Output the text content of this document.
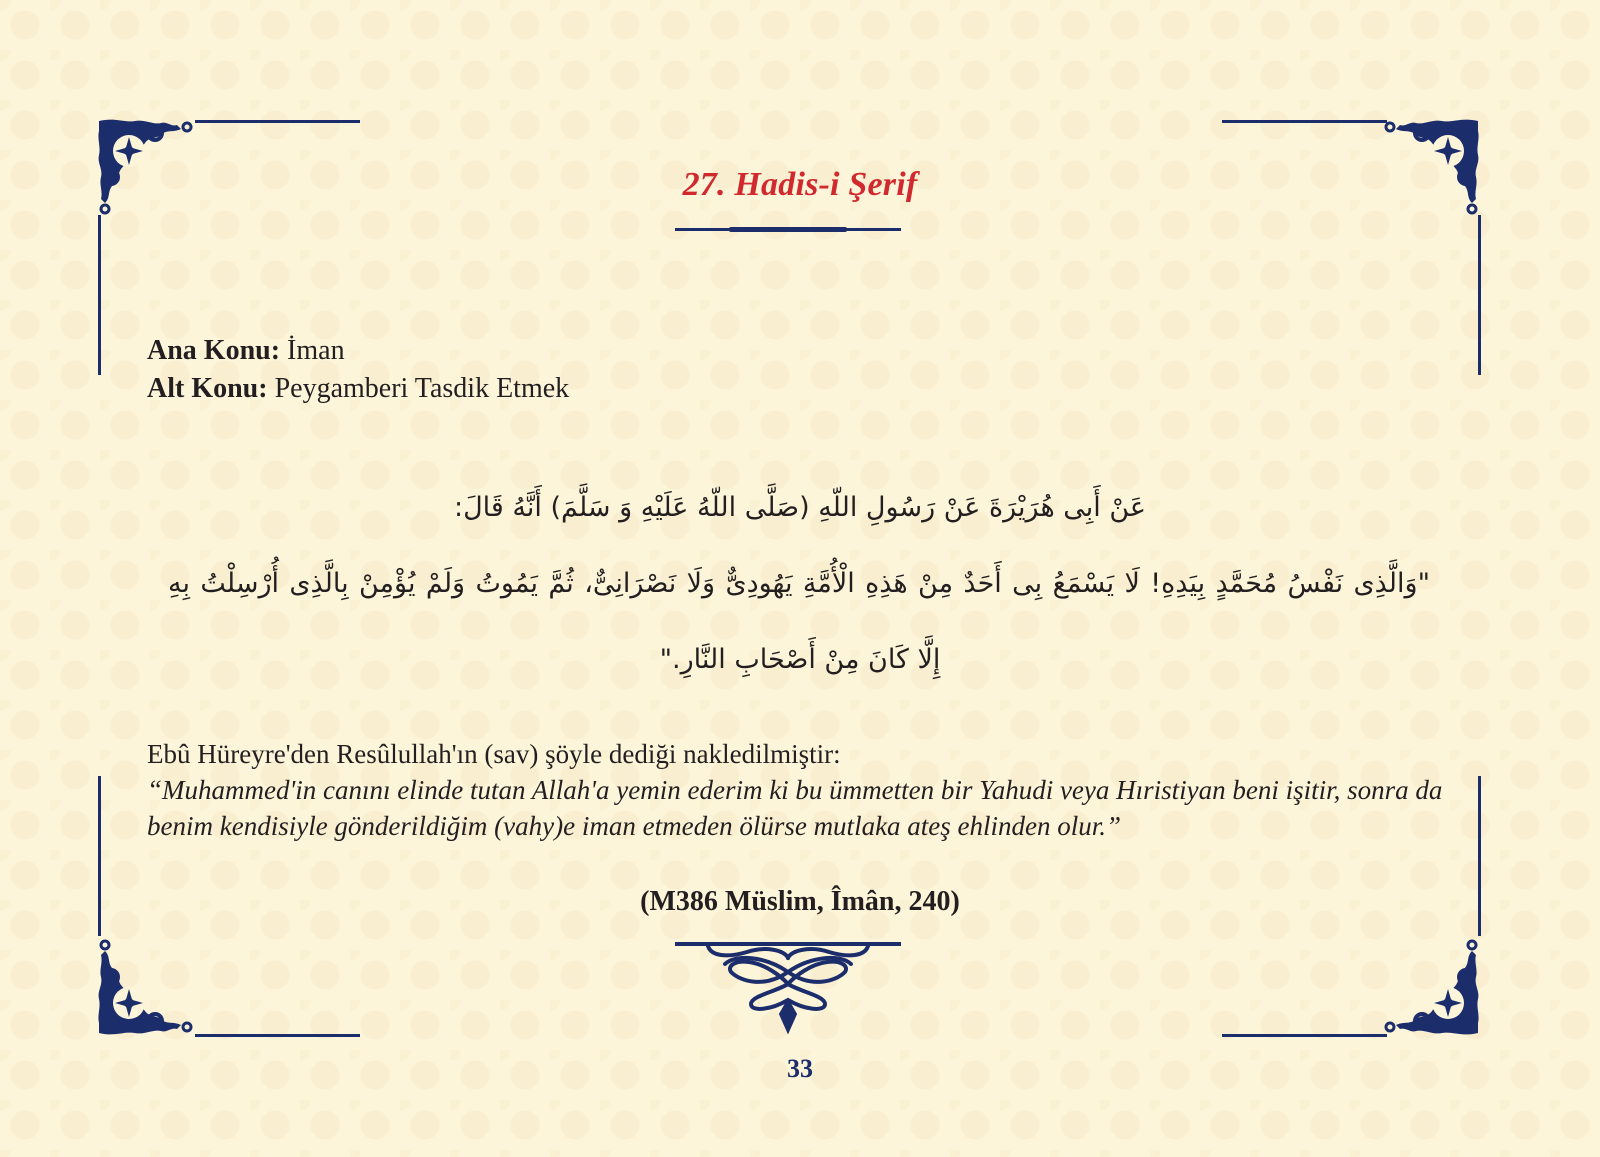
27. Hadis-i Şerif
Ana Konu: İman
Alt Konu: Peygamberi Tasdik Etmek
عَنْ أَبِى هُرَيْرَةَ عَنْ رَسُولِ اللّهِ (صَلَّى اللّهُ عَلَيْهِ وَ سَلَّمَ) أَنَّهُ قَالَ:
"وَالَّذِى نَفْسُ مُحَمَّدٍ بِيَدِهِ! لَا يَسْمَعُ بِى أَحَدٌ مِنْ هَذِهِ الْأُمَّةِ يَهُودِىٌّ وَلَا نَصْرَانِىٌّ، ثُمَّ يَمُوتُ وَلَمْ يُؤْمِنْ بِالَّذِى أُرْسِلْتُ بِهِ
إِلَّا كَانَ مِنْ أَصْحَابِ النَّارِ."
Ebû Hüreyre'den Resûlullah'ın (sav) şöyle dediği nakledilmiştir:
“Muhammed'in canını elinde tutan Allah'a yemin ederim ki bu ümmetten bir Yahudi veya Hıristiyan beni işitir, sonra da benim kendisiyle gönderildiğim (vahy)e iman etmeden ölürse mutlaka ateş ehlinden olur.”
(M386 Müslim, Îmân, 240)
33
